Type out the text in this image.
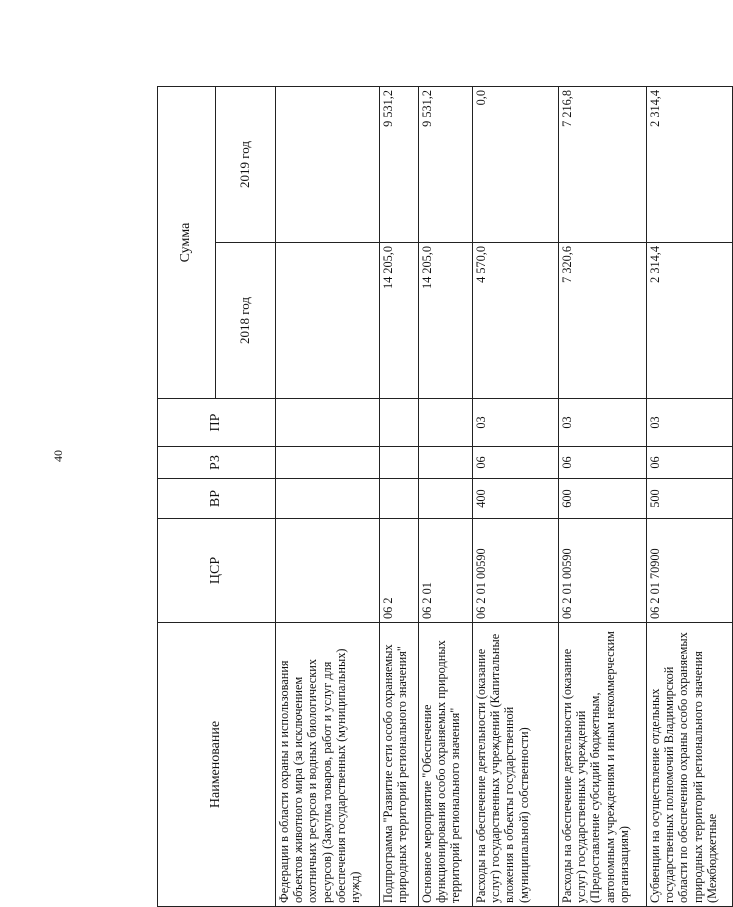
40
Наименование	ЦСР	ВР	РЗ	ПР	Сумма	
					2018 год	2019 год

Федерации в области охраны и использования объектов животного мира (за исключением охотничьих ресурсов и водных биологических ресурсов) (Закупка товаров, работ и услуг для обеспечения государственных (муниципальных) нужд)						

Подпрограмма "Развитие сети особо охраняемых природных территорий регионального значения"	06 2				14 205,0	9 531,2
Основное мероприятие "Обеспечение функционирования особо охраняемых природных территорий регионального значения"	06 2 01				14 205,0	9 531,2
Расходы на обеспечение деятельности (оказание услуг) государственных учреждений (Капитальные вложения в объекты государственной (муниципальной) собственности)	06 2 01 00590	400	06	03	4 570,0	0,0
Расходы на обеспечение деятельности (оказание услуг) государственных учреждений (Предоставление субсидий бюджетным, автономным учреждениям и иным некоммерческим организациям)	06 2 01 00590	600	06	03	7 320,6	7 216,8

Субвенции на осуществление отдельных государственных полномочий Владимирской области по обеспечению охраны особо охраняемых природных территорий регионального значения (Межбюджетные	06 2 01 70900	500	06	03	2 314,4	2 314,4
